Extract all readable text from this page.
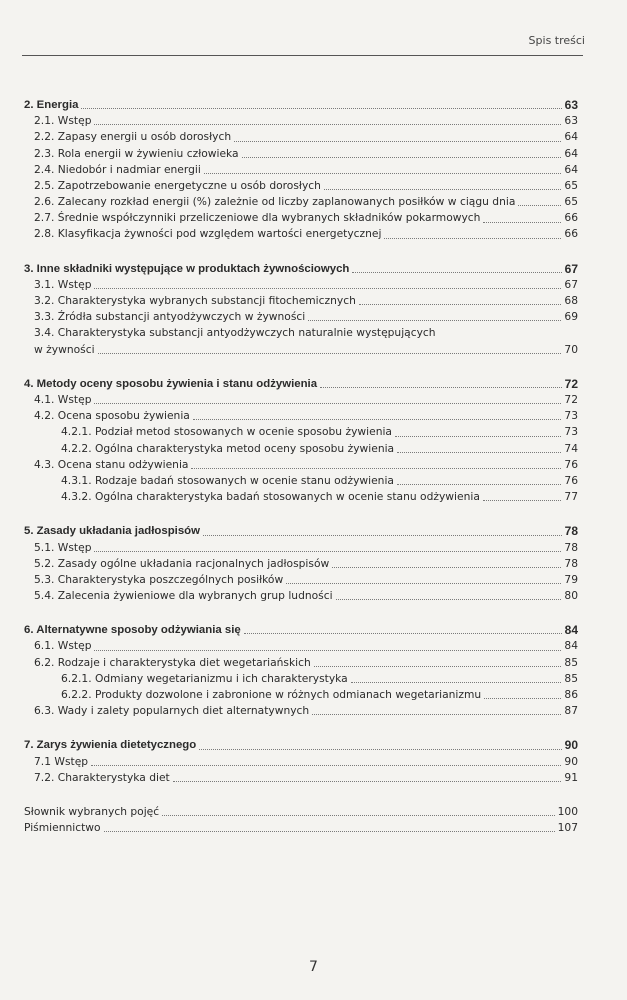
Spis treści
2. Energia	63
2.1. Wstęp	63
2.2. Zapasy energii u osób dorosłych	64
2.3. Rola energii w żywieniu człowieka	64
2.4. Niedobór i nadmiar energii	64
2.5. Zapotrzebowanie energetyczne u osób dorosłych	65
2.6. Zalecany rozkład energii (%) zależnie od liczby zaplanowanych posiłków w ciągu dnia	65
2.7. Średnie współczynniki przeliczeniowe dla wybranych składników pokarmowych	66
2.8. Klasyfikacja żywności pod względem wartości energetycznej	66
3. Inne składniki występujące w produktach żywnościowych	67
3.1. Wstęp	67
3.2. Charakterystyka wybranych substancji fitochemicznych	68
3.3. Źródła substancji antyodżywczych w żywności	69
3.4. Charakterystyka substancji antyodżywczych naturalnie występujących
w żywności	70
4. Metody oceny sposobu żywienia i stanu odżywienia	72
4.1. Wstęp	72
4.2. Ocena sposobu żywienia	73
4.2.1. Podział metod stosowanych w ocenie sposobu żywienia	73
4.2.2. Ogólna charakterystyka metod oceny sposobu żywienia	74
4.3. Ocena stanu odżywienia	76
4.3.1. Rodzaje badań stosowanych w ocenie stanu odżywienia	76
4.3.2. Ogólna charakterystyka badań stosowanych w ocenie stanu odżywienia	77
5. Zasady układania jadłospisów	78
5.1. Wstęp	78
5.2. Zasady ogólne układania racjonalnych jadłospisów	78
5.3. Charakterystyka poszczególnych posiłków	79
5.4. Zalecenia żywieniowe dla wybranych grup ludności	80
6. Alternatywne sposoby odżywiania się	84
6.1. Wstęp	84
6.2. Rodzaje i charakterystyka diet wegetariańskich	85
6.2.1. Odmiany wegetarianizmu i ich charakterystyka	85
6.2.2. Produkty dozwolone i zabronione w różnych odmianach wegetarianizmu	86
6.3. Wady i zalety popularnych diet alternatywnych	87
7. Zarys żywienia dietetycznego	90
7.1 Wstęp	90
7.2. Charakterystyka diet	91
Słownik wybranych pojęć	100
Piśmiennictwo	107
7
